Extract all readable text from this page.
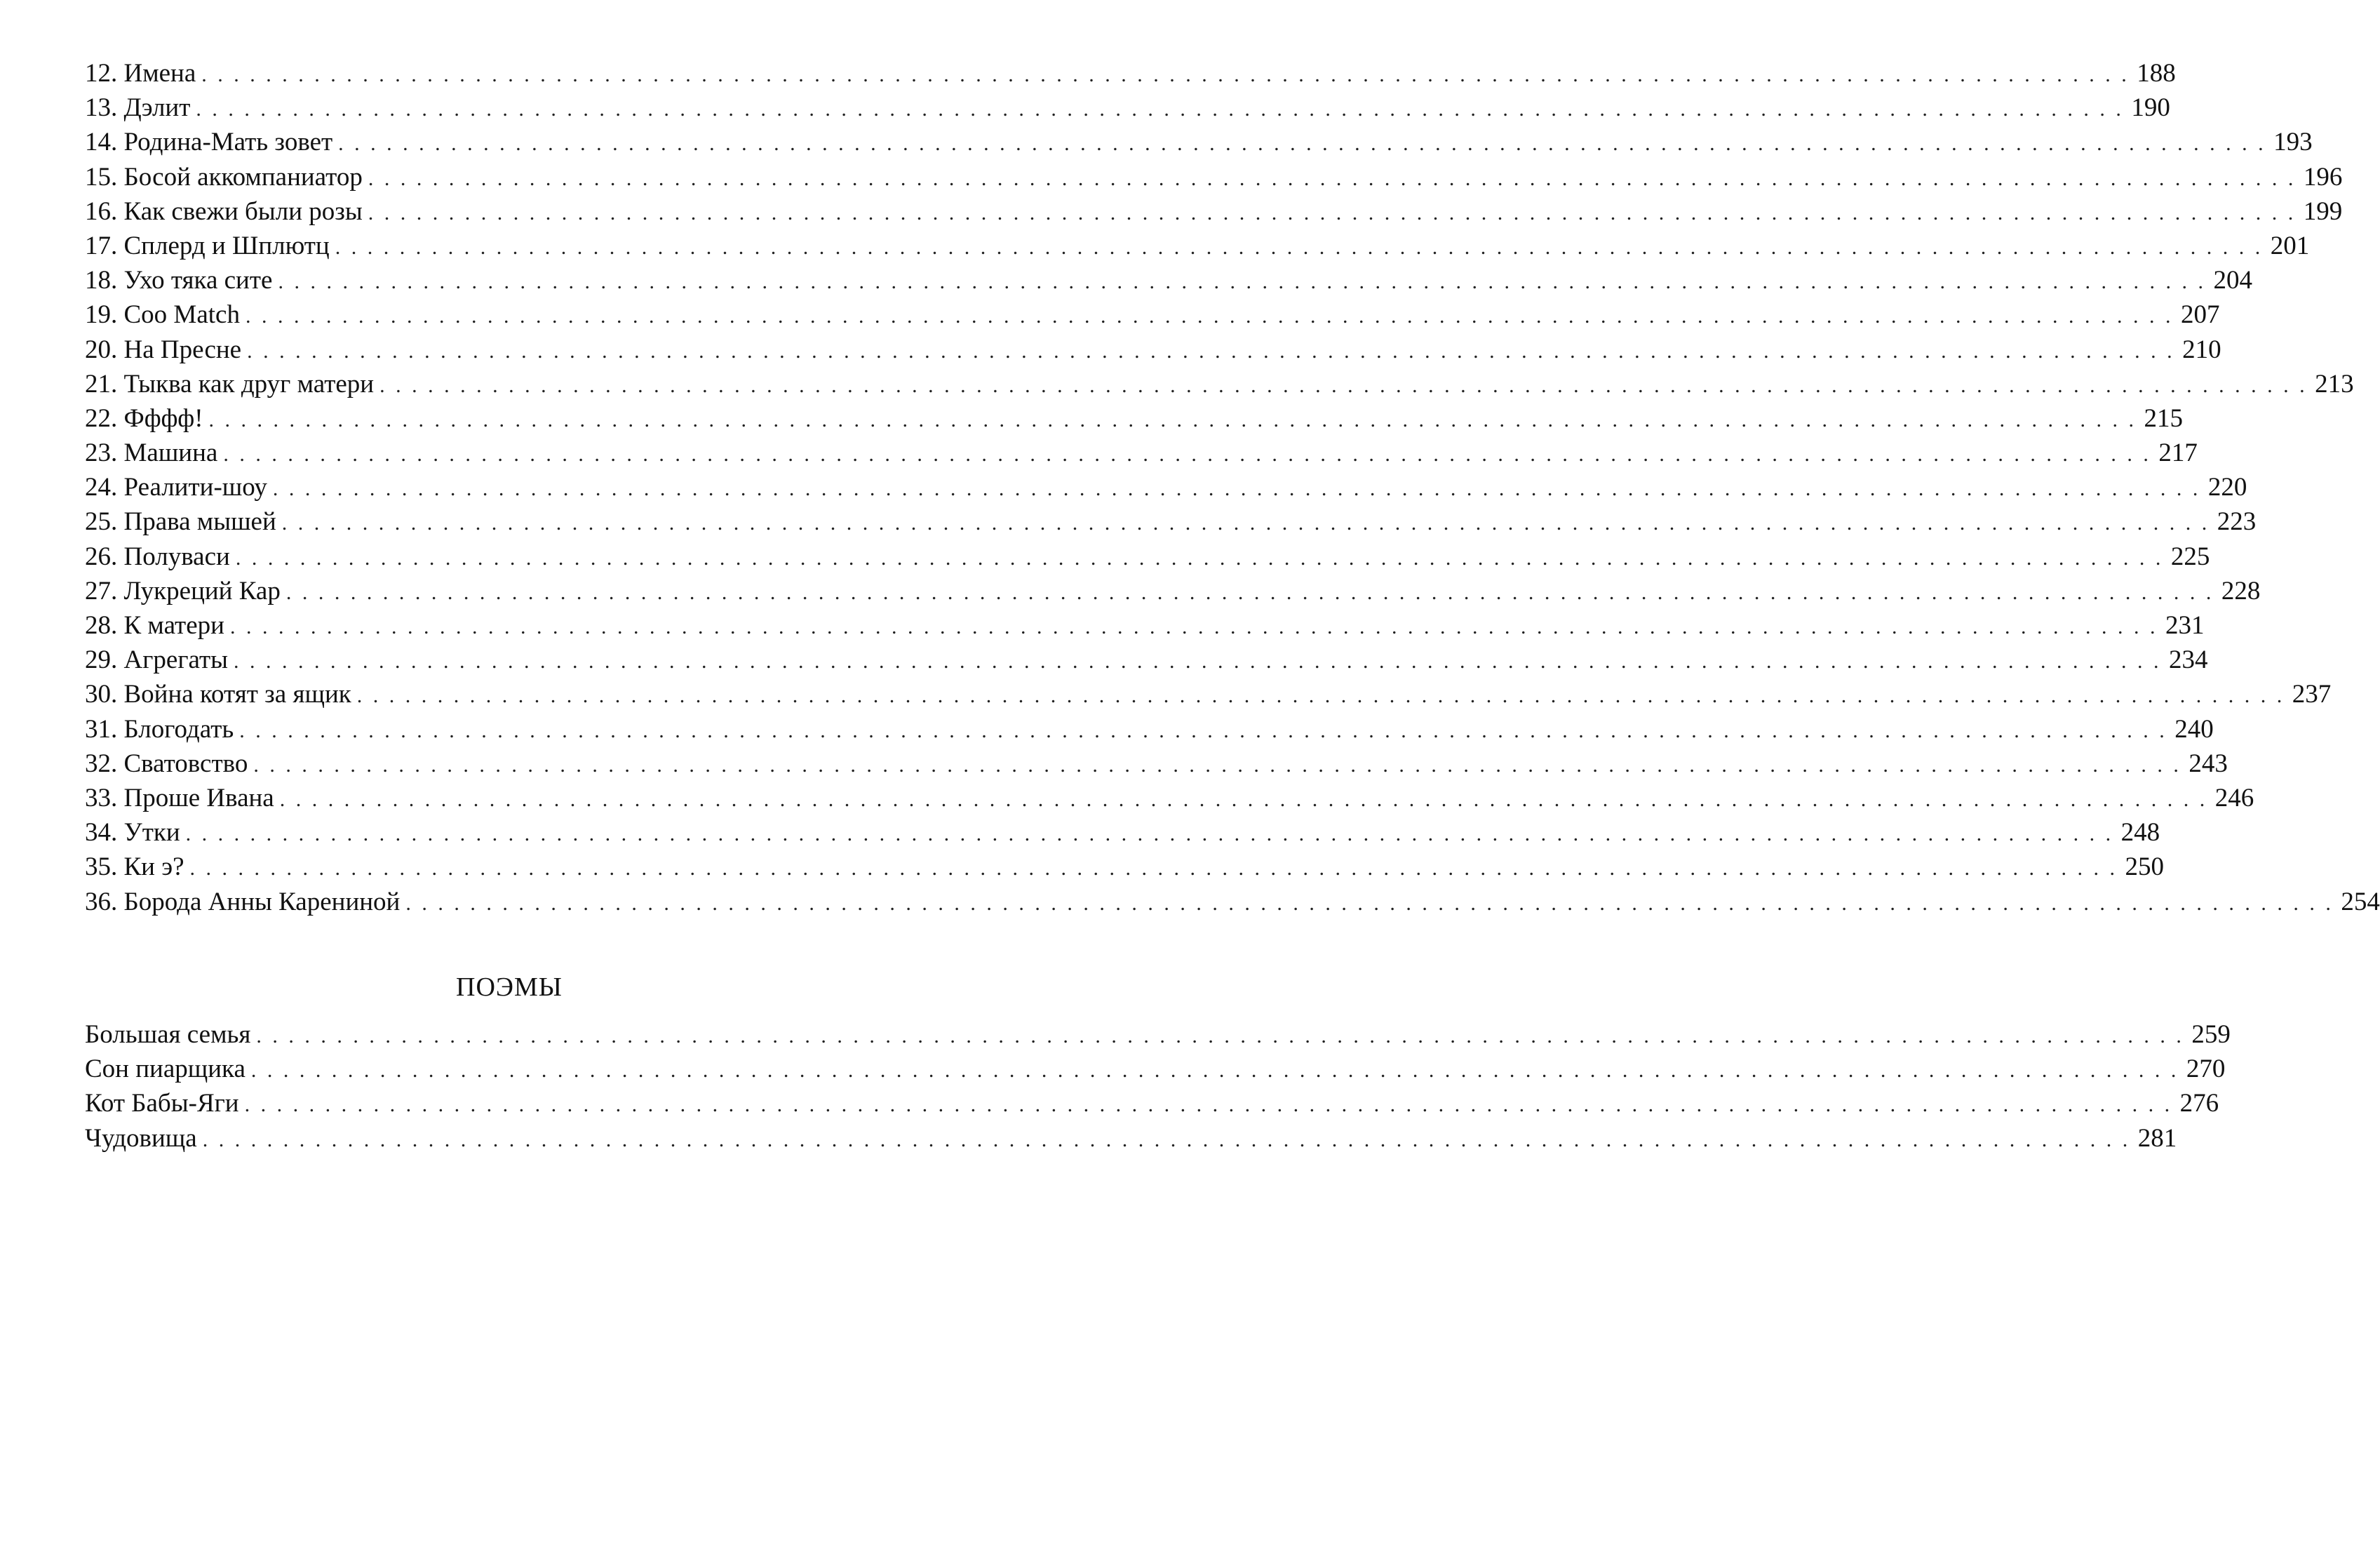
12. Имена . . . . . . . . . . . . . . . . . . . . . . . . . . . . . . . . . . . . . . . . . . . . . . . . . . . . . . . . . . . . . . . . . . . . . . . . . . . . . . . . . . . . . . . . . . . . . . . . . . . . . . . . . . . . . . . . . . . . . . . . 188
13. Дэлит . . . . . . . . . . . . . . . . . . . . . . . . . . . . . . . . . . . . . . . . . . . . . . . . . . . . . . . . . . . . . . . . . . . . . . . . . . . . . . . . . . . . . . . . . . . . . . . . . . . . . . . . . . . . . . . . . . . . . . . . 190
14. Родина-Мать зовет . . . . . . . . . . . . . . . . . . . . . . . . . . . . . . . . . . . . . . . . . . . . . . . . . . . . . . . . . . . . . . . . . . . . . . . . . . . . . . . . . . . . . . . . . . . . . . . . . . . . . . . . . . . . . . . . . . . . . . . . 193
15. Босой аккомпаниатор . . . . . . . . . . . . . . . . . . . . . . . . . . . . . . . . . . . . . . . . . . . . . . . . . . . . . . . . . . . . . . . . . . . . . . . . . . . . . . . . . . . . . . . . . . . . . . . . . . . . . . . . . . . . . . . . . . . . . . . . 196
16. Как свежи были розы . . . . . . . . . . . . . . . . . . . . . . . . . . . . . . . . . . . . . . . . . . . . . . . . . . . . . . . . . . . . . . . . . . . . . . . . . . . . . . . . . . . . . . . . . . . . . . . . . . . . . . . . . . . . . . . . . . . . . . . . 199
17. Сплерд и Шплютц . . . . . . . . . . . . . . . . . . . . . . . . . . . . . . . . . . . . . . . . . . . . . . . . . . . . . . . . . . . . . . . . . . . . . . . . . . . . . . . . . . . . . . . . . . . . . . . . . . . . . . . . . . . . . . . . . . . . . . . . 201
18. Ухо тяка сите . . . . . . . . . . . . . . . . . . . . . . . . . . . . . . . . . . . . . . . . . . . . . . . . . . . . . . . . . . . . . . . . . . . . . . . . . . . . . . . . . . . . . . . . . . . . . . . . . . . . . . . . . . . . . . . . . . . . . . . . 204
19. Coo Match . . . . . . . . . . . . . . . . . . . . . . . . . . . . . . . . . . . . . . . . . . . . . . . . . . . . . . . . . . . . . . . . . . . . . . . . . . . . . . . . . . . . . . . . . . . . . . . . . . . . . . . . . . . . . . . . . . . . . . . . 207
20. На Пресне . . . . . . . . . . . . . . . . . . . . . . . . . . . . . . . . . . . . . . . . . . . . . . . . . . . . . . . . . . . . . . . . . . . . . . . . . . . . . . . . . . . . . . . . . . . . . . . . . . . . . . . . . . . . . . . . . . . . . . . . 210
21. Тыква как друг матери . . . . . . . . . . . . . . . . . . . . . . . . . . . . . . . . . . . . . . . . . . . . . . . . . . . . . . . . . . . . . . . . . . . . . . . . . . . . . . . . . . . . . . . . . . . . . . . . . . . . . . . . . . . . . . . . . . . . . . . . 213
22. Фффф! . . . . . . . . . . . . . . . . . . . . . . . . . . . . . . . . . . . . . . . . . . . . . . . . . . . . . . . . . . . . . . . . . . . . . . . . . . . . . . . . . . . . . . . . . . . . . . . . . . . . . . . . . . . . . . . . . . . . . . . . 215
23. Машина . . . . . . . . . . . . . . . . . . . . . . . . . . . . . . . . . . . . . . . . . . . . . . . . . . . . . . . . . . . . . . . . . . . . . . . . . . . . . . . . . . . . . . . . . . . . . . . . . . . . . . . . . . . . . . . . . . . . . . . . 217
24. Реалити-шоу . . . . . . . . . . . . . . . . . . . . . . . . . . . . . . . . . . . . . . . . . . . . . . . . . . . . . . . . . . . . . . . . . . . . . . . . . . . . . . . . . . . . . . . . . . . . . . . . . . . . . . . . . . . . . . . . . . . . . . . . 220
25. Права мышей . . . . . . . . . . . . . . . . . . . . . . . . . . . . . . . . . . . . . . . . . . . . . . . . . . . . . . . . . . . . . . . . . . . . . . . . . . . . . . . . . . . . . . . . . . . . . . . . . . . . . . . . . . . . . . . . . . . . . . . . 223
26. Полуваси . . . . . . . . . . . . . . . . . . . . . . . . . . . . . . . . . . . . . . . . . . . . . . . . . . . . . . . . . . . . . . . . . . . . . . . . . . . . . . . . . . . . . . . . . . . . . . . . . . . . . . . . . . . . . . . . . . . . . . . . 225
27. Лукреций Кар . . . . . . . . . . . . . . . . . . . . . . . . . . . . . . . . . . . . . . . . . . . . . . . . . . . . . . . . . . . . . . . . . . . . . . . . . . . . . . . . . . . . . . . . . . . . . . . . . . . . . . . . . . . . . . . . . . . . . . . . 228
28. К матери . . . . . . . . . . . . . . . . . . . . . . . . . . . . . . . . . . . . . . . . . . . . . . . . . . . . . . . . . . . . . . . . . . . . . . . . . . . . . . . . . . . . . . . . . . . . . . . . . . . . . . . . . . . . . . . . . . . . . . . . 231
29. Агрегаты . . . . . . . . . . . . . . . . . . . . . . . . . . . . . . . . . . . . . . . . . . . . . . . . . . . . . . . . . . . . . . . . . . . . . . . . . . . . . . . . . . . . . . . . . . . . . . . . . . . . . . . . . . . . . . . . . . . . . . . . 234
30. Война котят за ящик . . . . . . . . . . . . . . . . . . . . . . . . . . . . . . . . . . . . . . . . . . . . . . . . . . . . . . . . . . . . . . . . . . . . . . . . . . . . . . . . . . . . . . . . . . . . . . . . . . . . . . . . . . . . . . . . . . . . . . . . 237
31. Блогодать . . . . . . . . . . . . . . . . . . . . . . . . . . . . . . . . . . . . . . . . . . . . . . . . . . . . . . . . . . . . . . . . . . . . . . . . . . . . . . . . . . . . . . . . . . . . . . . . . . . . . . . . . . . . . . . . . . . . . . . . 240
32. Сватовство . . . . . . . . . . . . . . . . . . . . . . . . . . . . . . . . . . . . . . . . . . . . . . . . . . . . . . . . . . . . . . . . . . . . . . . . . . . . . . . . . . . . . . . . . . . . . . . . . . . . . . . . . . . . . . . . . . . . . . . . 243
33. Проше Ивана . . . . . . . . . . . . . . . . . . . . . . . . . . . . . . . . . . . . . . . . . . . . . . . . . . . . . . . . . . . . . . . . . . . . . . . . . . . . . . . . . . . . . . . . . . . . . . . . . . . . . . . . . . . . . . . . . . . . . . . . 246
34. Утки . . . . . . . . . . . . . . . . . . . . . . . . . . . . . . . . . . . . . . . . . . . . . . . . . . . . . . . . . . . . . . . . . . . . . . . . . . . . . . . . . . . . . . . . . . . . . . . . . . . . . . . . . . . . . . . . . . . . . . . . 248
35. Ки э? . . . . . . . . . . . . . . . . . . . . . . . . . . . . . . . . . . . . . . . . . . . . . . . . . . . . . . . . . . . . . . . . . . . . . . . . . . . . . . . . . . . . . . . . . . . . . . . . . . . . . . . . . . . . . . . . . . . . . . . . 250
36. Борода Анны Карениной . . . . . . . . . . . . . . . . . . . . . . . . . . . . . . . . . . . . . . . . . . . . . . . . . . . . . . . . . . . . . . . . . . . . . . . . . . . . . . . . . . . . . . . . . . . . . . . . . . . . . . . . . . . . . . . . . . . . . . . . 254
ПОЭМЫ
Большая семья . . . . . . . . . . . . . . . . . . . . . . . . . . . . . . . . . . . . . . . . . . . . . . . . . . . . . . . . . . . . . . . . . . . . . . . . . . . . . . . . . . . . . . . . . . . . . . . . . . . . . . . . . . . . . . . . . . . . . . . . 259
Сон пиарщика . . . . . . . . . . . . . . . . . . . . . . . . . . . . . . . . . . . . . . . . . . . . . . . . . . . . . . . . . . . . . . . . . . . . . . . . . . . . . . . . . . . . . . . . . . . . . . . . . . . . . . . . . . . . . . . . . . . . . . . . 270
Кот Бабы-Яги . . . . . . . . . . . . . . . . . . . . . . . . . . . . . . . . . . . . . . . . . . . . . . . . . . . . . . . . . . . . . . . . . . . . . . . . . . . . . . . . . . . . . . . . . . . . . . . . . . . . . . . . . . . . . . . . . . . . . . . . 276
Чудовища . . . . . . . . . . . . . . . . . . . . . . . . . . . . . . . . . . . . . . . . . . . . . . . . . . . . . . . . . . . . . . . . . . . . . . . . . . . . . . . . . . . . . . . . . . . . . . . . . . . . . . . . . . . . . . . . . . . . . . . . 281
